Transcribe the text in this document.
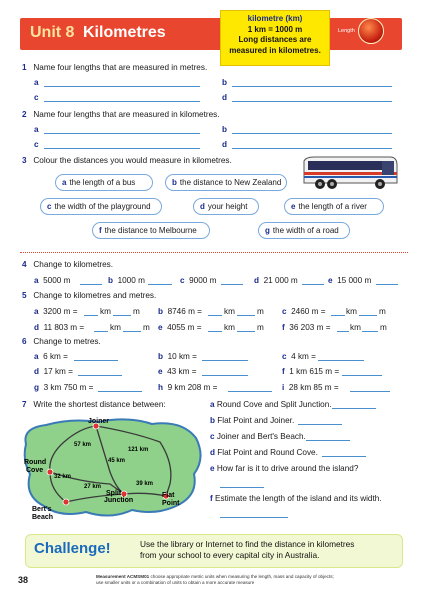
Unit 8 Kilometres
kilometre (km)
1 km = 1000 m
Long distances are
measured in kilometres.
Length
1 Name four lengths that are measured in metres.
a	b
c	d
2 Name four lengths that are measured in kilometres.
a	b
c	d
3 Colour the distances you would measure in kilometres.
a the length of a bus	b the distance to New Zealand
c the width of the playground	d your height	e the length of a river
f the distance to Melbourne	g the width of a road
4 Change to kilometres.
a 5000 m	b 1000 m	c 9000 m	d 21 000 m	e 15 000 m
5 Change to kilometres and metres.
a 3200 m =	km	m b 8746 m =	km	m c 2460 m =	km	m
d 11 803 m =	km	m e 4055 m =	km	m f 36 203 m = km m
6 Change to metres.
a 6 km =	b 10 km =	c 4 km =
d 17 km =	e 43 km =	f 1 km 615 m =
g 3 km 750 m =	h 9 km 208 m =	i 28 km 85 m =
7 Write the shortest distance between:
Joiner
Round
Cove
Bert's
Beach
Split
Junction
Flat
Point
57 km
121 km
45 km
32 km
27 km	39 km
a Round Cove and Split Junction.
b Flat Point and Joiner.
c Joiner and Bert's Beach.
d Flat Point and Round Cove.
e How far is it to drive around the island?
f Estimate the length of the island and its width.
Challenge!	Use the library or Internet to find the distance in kilometres
from your school to every capital city in Australia.
38	Measurement ACMSM01 choose appropriate metric units when measuring the length, mass and capacity of objects;
use smaller units or a combination of units to obtain a more accurate measure
